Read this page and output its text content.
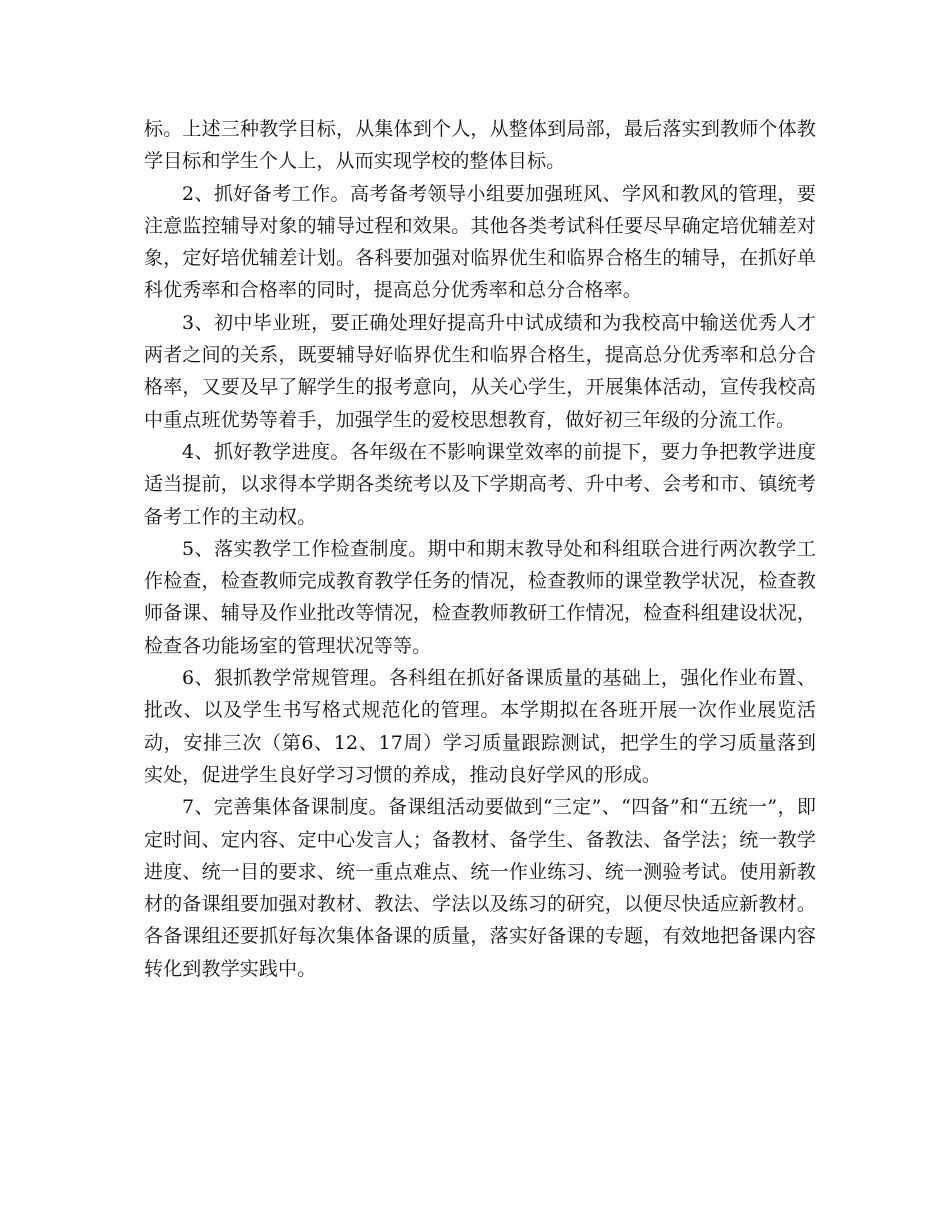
标。上述三种教学目标，从集体到个人，从整体到局部，最后落实到教师个体教学目标和学生个人上，从而实现学校的整体目标。

2、抓好备考工作。高考备考领导小组要加强班风、学风和教风的管理，要注意监控辅导对象的辅导过程和效果。其他各类考试科任要尽早确定培优辅差对象，定好培优辅差计划。各科要加强对临界优生和临界合格生的辅导，在抓好单科优秀率和合格率的同时，提高总分优秀率和总分合格率。

3、初中毕业班，要正确处理好提高升中试成绩和为我校高中输送优秀人才两者之间的关系，既要辅导好临界优生和临界合格生，提高总分优秀率和总分合格率，又要及早了解学生的报考意向，从关心学生，开展集体活动，宣传我校高中重点班优势等着手，加强学生的爱校思想教育，做好初三年级的分流工作。

4、抓好教学进度。各年级在不影响课堂效率的前提下，要力争把教学进度适当提前，以求得本学期各类统考以及下学期高考、升中考、会考和市、镇统考备考工作的主动权。

5、落实教学工作检查制度。期中和期末教导处和科组联合进行两次教学工作检查，检查教师完成教育教学任务的情况，检查教师的课堂教学状况，检查教师备课、辅导及作业批改等情况，检查教师教研工作情况，检查科组建设状况，检查各功能场室的管理状况等等。

6、狠抓教学常规管理。各科组在抓好备课质量的基础上，强化作业布置、批改、以及学生书写格式规范化的管理。本学期拟在各班开展一次作业展览活动，安排三次（第6、12、17周）学习质量跟踪测试，把学生的学习质量落到实处，促进学生良好学习习惯的养成，推动良好学风的形成。

7、完善集体备课制度。备课组活动要做到“三定”、“四备”和“五统一”，即定时间、定内容、定中心发言人；备教材、备学生、备教法、备学法；统一教学进度、统一目的要求、统一重点难点、统一作业练习、统一测验考试。使用新教材的备课组要加强对教材、教法、学法以及练习的研究，以便尽快适应新教材。各备课组还要抓好每次集体备课的质量，落实好备课的专题，有效地把备课内容转化到教学实践中。
